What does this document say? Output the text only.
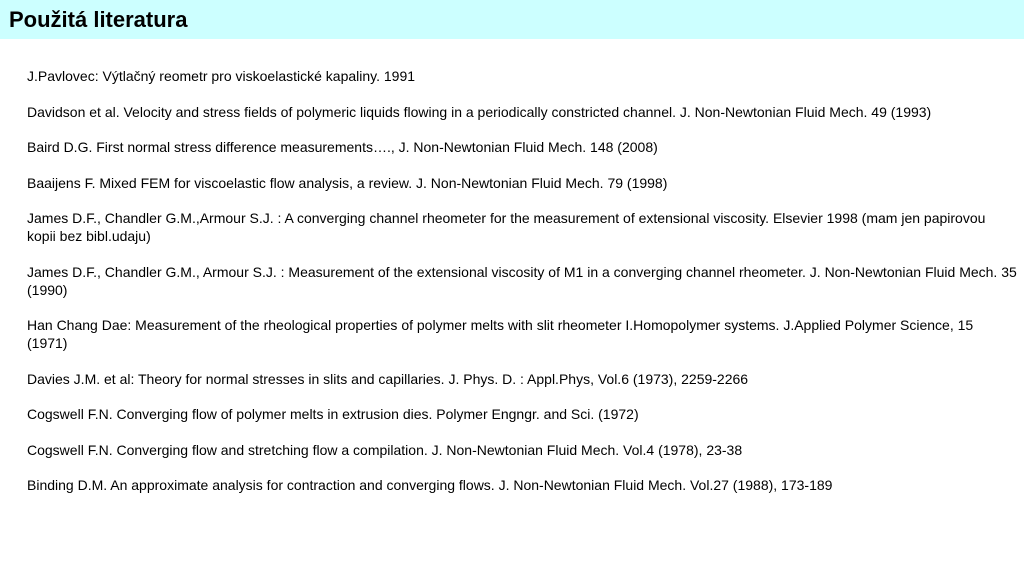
Použitá literatura
J.Pavlovec: Výtlačný reometr pro viskoelastické kapaliny. 1991
Davidson et al. Velocity and stress fields of polymeric liquids flowing in a periodically constricted channel. J. Non-Newtonian Fluid Mech. 49 (1993)
Baird D.G. First normal stress difference measurements…., J. Non-Newtonian Fluid Mech. 148 (2008)
Baaijens F. Mixed FEM for viscoelastic flow analysis, a review. J. Non-Newtonian Fluid Mech. 79 (1998)
James D.F., Chandler G.M.,Armour S.J. : A converging channel rheometer for the measurement of extensional viscosity. Elsevier 1998 (mam jen papirovou kopii bez bibl.udaju)
James D.F., Chandler G.M., Armour S.J. : Measurement of the extensional viscosity of M1 in a converging channel rheometer. J. Non-Newtonian Fluid Mech. 35 (1990)
Han Chang Dae: Measurement of the rheological properties of polymer melts with slit rheometer I.Homopolymer systems. J.Applied Polymer Science, 15 (1971)
Davies J.M. et al: Theory for normal stresses in slits and capillaries. J. Phys. D. : Appl.Phys, Vol.6 (1973), 2259-2266
Cogswell F.N. Converging flow of polymer melts in extrusion dies. Polymer Engngr. and Sci. (1972)
Cogswell F.N. Converging flow and stretching flow a compilation. J. Non-Newtonian Fluid Mech. Vol.4 (1978), 23-38
Binding D.M. An approximate analysis for contraction and converging flows. J. Non-Newtonian Fluid Mech. Vol.27 (1988), 173-189
